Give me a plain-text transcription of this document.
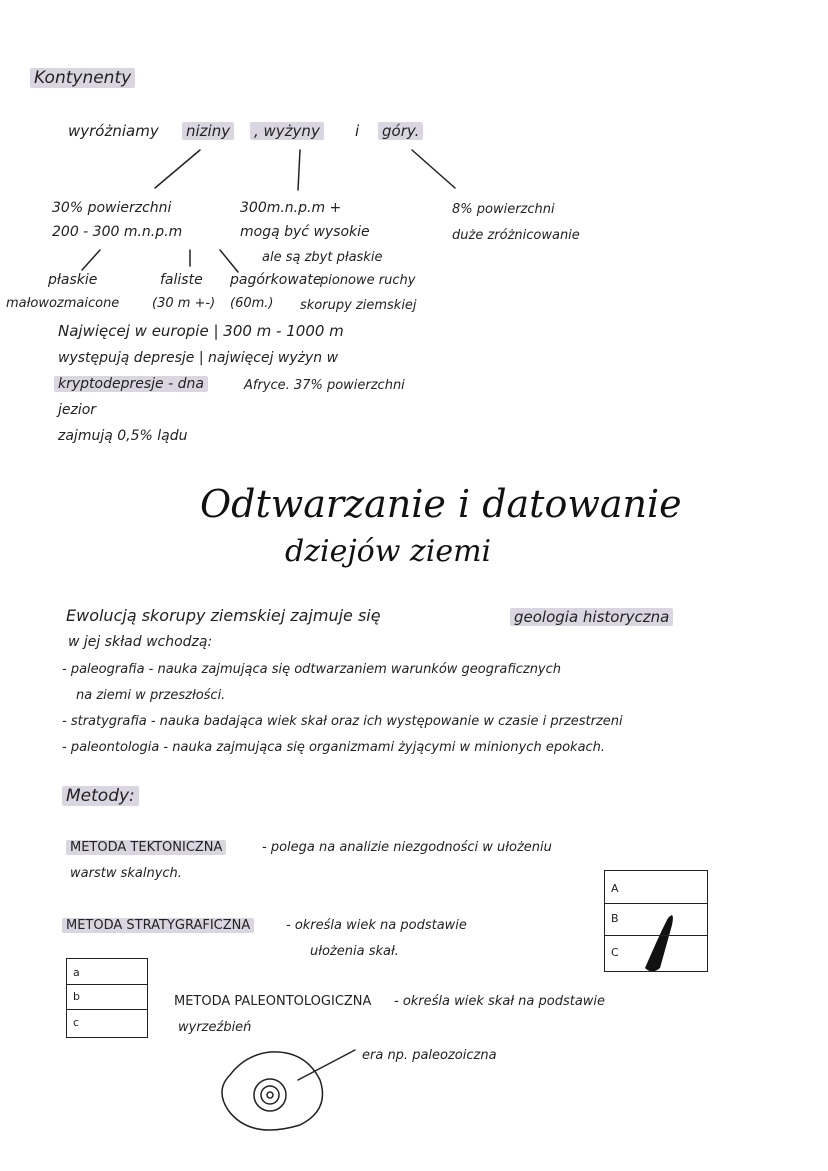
Kontynenty
wyróżniamy niziny , wyżyny i góry.
30% powierzchni
200 - 300 m.n.p.m
płaskie	faliste pagórkowate
małowozmaicone	(30 m +-) (60m.)
300m.n.p.m +
mogą być wysokie
ale są zbyt płaskie
pionowe ruchy
skorupy ziemskiej
8% powierzchni
duże zróżnicowanie
Najwięcej w europie | 300 m - 1000 m
występują depresje | najwięcej wyżyn w
kryptodepresje - dna	Afryce. 37% powierzchni
jezior
zajmują 0,5% lądu
Odtwarzanie i datowanie
dziejów ziemi
Ewolucją skorupy ziemskiej zajmuje się	geologia historyczna
w jej skład wchodzą:
- paleografia - nauka zajmująca się odtwarzaniem warunków geograficznych
na ziemi w przeszłości.
- stratygrafia - nauka badająca wiek skał oraz ich występowanie w czasie i przestrzeni
- paleontologia - nauka zajmująca się organizmami żyjącymi w minionych epokach.
Metody:
METODA TEKTONICZNA	- polega na analizie niezgodności w ułożeniu
warstw skalnych.
METODA STRATYGRAFICZNA	- określa wiek na podstawie
ułożenia skał.
METODA PALEONTOLOGICZNA - określa wiek skał na podstawie
wyrzeźbień
era np. paleozoiczna
A
B
C
a
b
c
